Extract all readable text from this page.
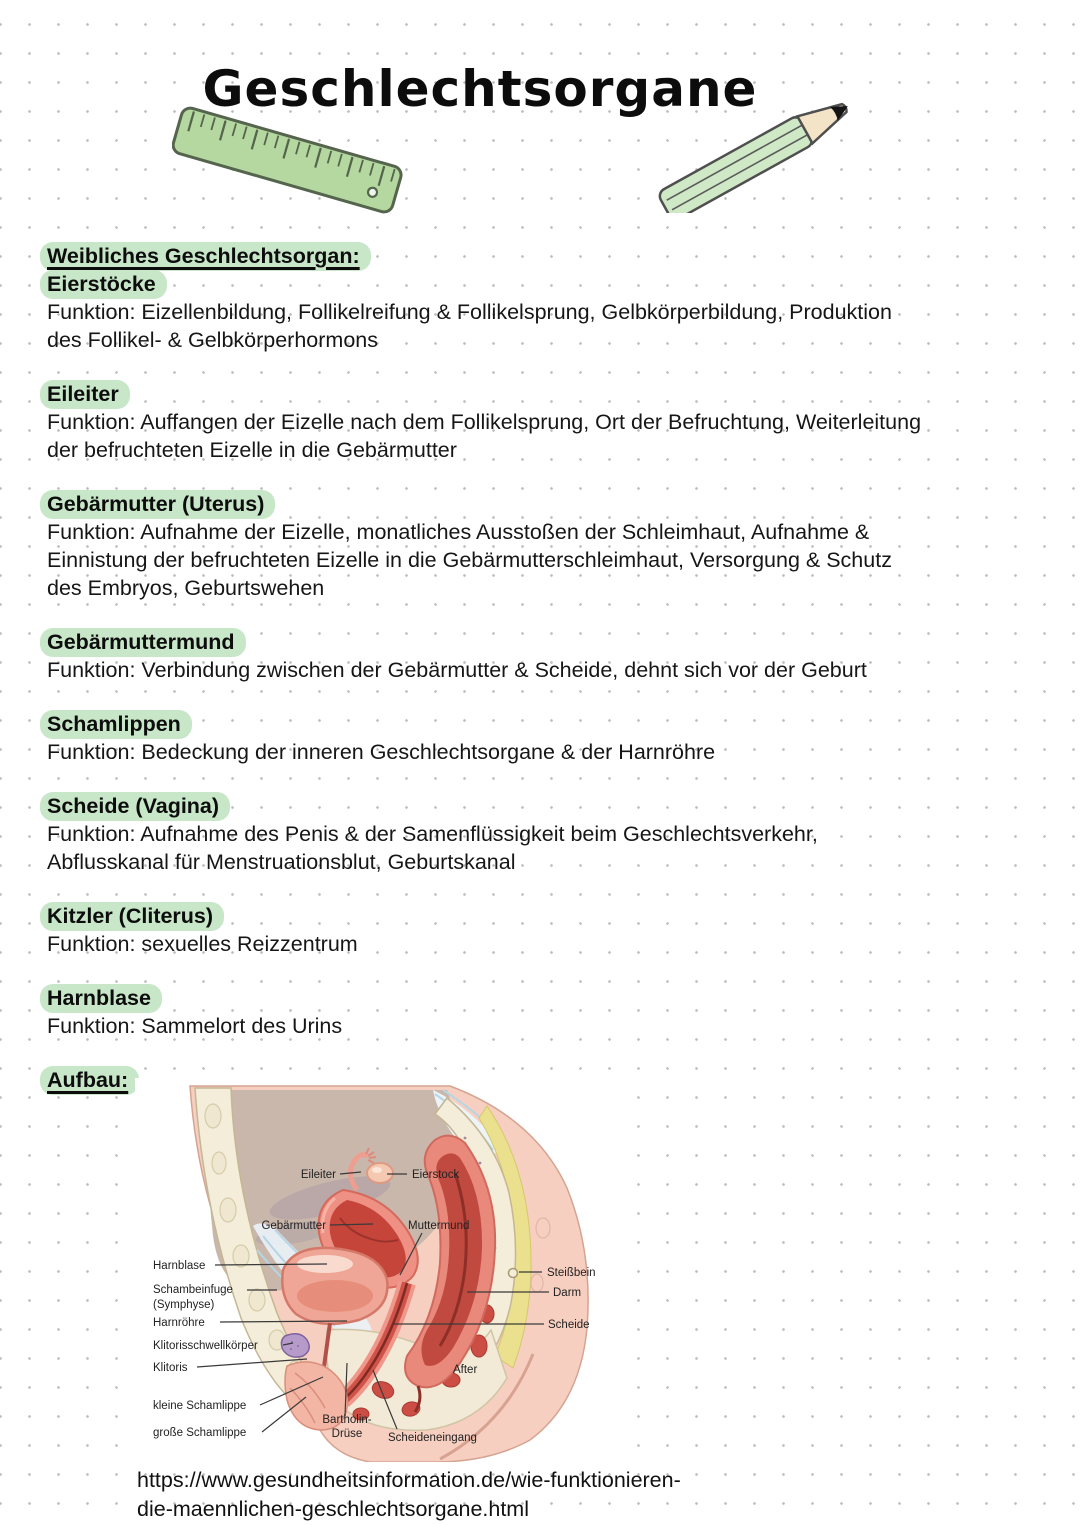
Geschlechtsorgane
Weibliches Geschlechtsorgan:
Eierstöcke
Funktion: Eizellenbildung, Follikelreifung & Follikelsprung, Gelbkörperbildung, Produktion
des Follikel- & Gelbkörperhormons
Eileiter
Funktion: Auffangen der Eizelle nach dem Follikelsprung, Ort der Befruchtung, Weiterleitung
der befruchteten Eizelle in die Gebärmutter
Gebärmutter (Uterus)
Funktion: Aufnahme der Eizelle, monatliches Ausstoßen der Schleimhaut, Aufnahme &
Einnistung der befruchteten Eizelle in die Gebärmutterschleimhaut, Versorgung & Schutz
des Embryos, Geburtswehen
Gebärmuttermund
Funktion: Verbindung zwischen der Gebärmutter & Scheide, dehnt sich vor der Geburt
Schamlippen
Funktion: Bedeckung der inneren Geschlechtsorgane & der Harnröhre
Scheide (Vagina)
Funktion: Aufnahme des Penis & der Samenflüssigkeit beim Geschlechtsverkehr,
Abflusskanal für Menstruationsblut, Geburtskanal
Kitzler (Cliterus)
Funktion: sexuelles Reizzentrum
Harnblase
Funktion: Sammelort des Urins
Aufbau:
Eileiter	Eierstock
Gebärmutter	Muttermund
Harnblase
Schambeinfuge
(Symphyse)
Harnröhre
Klitorisschwellkörper
Klitoris
kleine Schamlippe
große Schamlippe
Bartholin-
Drüse Scheideneingang
After
Steißbein
Darm
Scheide
https://www.gesundheitsinformation.de/wie-funktionieren-
die-maennlichen-geschlechtsorgane.html
